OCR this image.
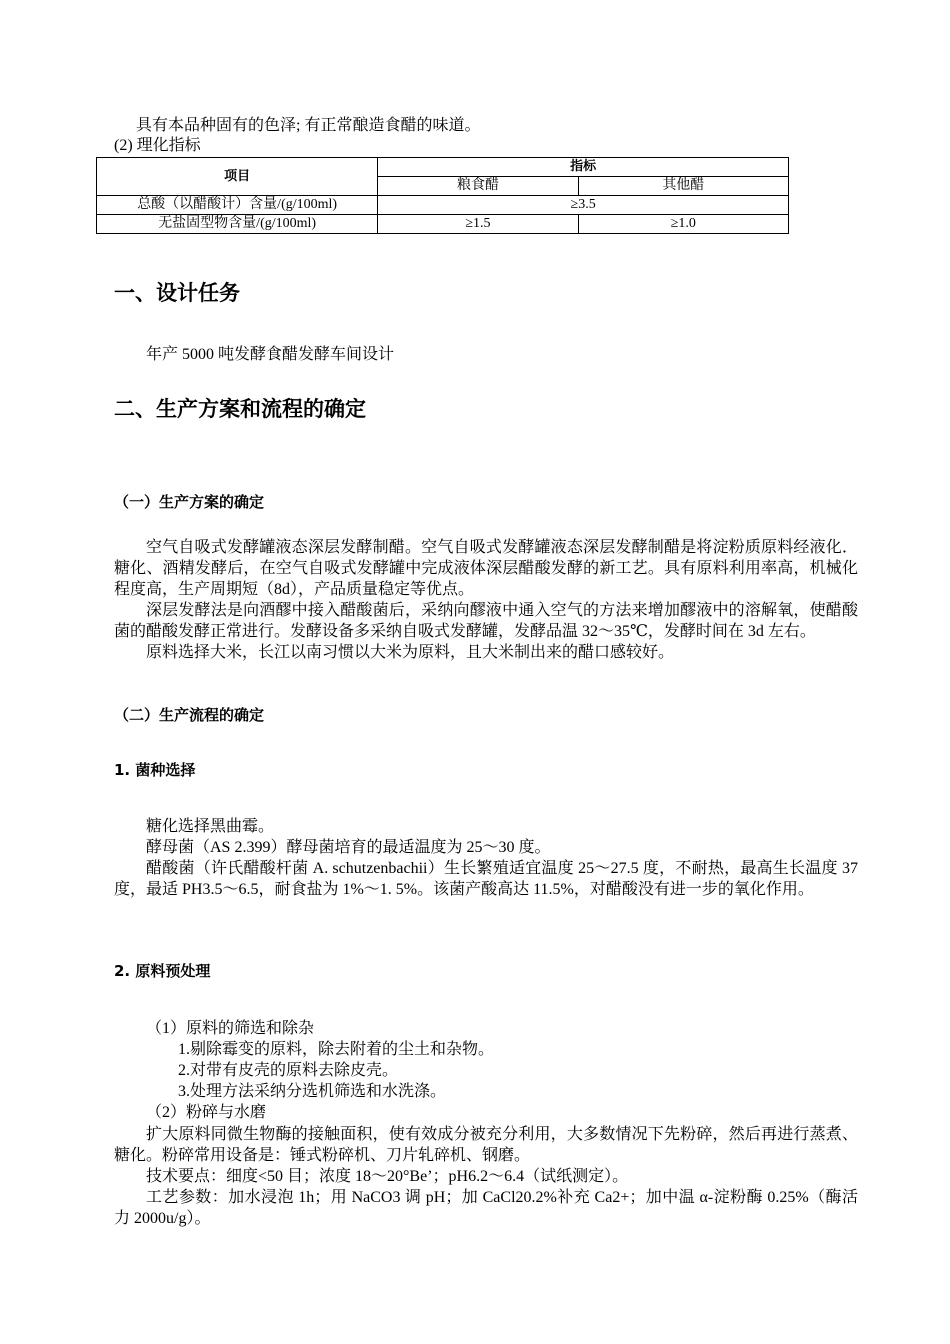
具有本品种固有的色泽; 有正常酿造食醋的味道。
(2) 理化指标
项目	指标	
	粮食醋	其他醋
总酸（以醋酸计）含量/(g/100ml)	≥3.5	
无盐固型物含量/(g/100ml)	≥1.5	≥1.0
一、设计任务
年产 5000 吨发酵食醋发酵车间设计
二、生产方案和流程的确定
（一）生产方案的确定

空气自吸式发酵罐液态深层发酵制醋。空气自吸式发酵罐液态深层发酵制醋是将淀粉质原料经液化．糖化、酒精发酵后，在空气自吸式发酵罐中完成液体深层醋酸发酵的新工艺。具有原料利用率高，机械化程度高，生产周期短（8d），产品质量稳定等优点。

深层发酵法是向酒醪中接入醋酸菌后，采纳向醪液中通入空气的方法来增加醪液中的溶解氧，使醋酸菌的醋酸发酵正常进行。发酵设备多采纳自吸式发酵罐，发酵品温 32～35℃，发酵时间在 3d 左右。

原料选择大米，长江以南习惯以大米为原料，且大米制出来的醋口感较好。

（二）生产流程的确定
1. 菌种选择

糖化选择黑曲霉。

酵母菌（AS 2.399）酵母菌培育的最适温度为 25～30 度。

醋酸菌（许氏醋酸杆菌 A. schutzenbachii）生长繁殖适宜温度 25～27.5 度，不耐热，最高生长温度 37 度，最适 PH3.5～6.5，耐食盐为 1%～1. 5%。该菌产酸高达 11.5%，对醋酸没有进一步的氧化作用。

2. 原料预处理
（1）原料的筛选和除杂
1.剔除霉变的原料，除去附着的尘土和杂物。
2.对带有皮壳的原料去除皮壳。
3.处理方法采纳分选机筛选和水洗涤。
（2）粉碎与水磨

扩大原料同微生物酶的接触面积，使有效成分被充分利用，大多数情况下先粉碎，然后再进行蒸煮、糖化。粉碎常用设备是：锤式粉碎机、刀片轧碎机、钢磨。

技术要点：细度<50 目；浓度 18～20°Be’；pH6.2～6.4（试纸测定）。

工艺参数：加水浸泡 1h；用 NaCO3 调 pH；加 CaCl20.2%补充 Ca2+；加中温 α-淀粉酶 0.25%（酶活力 2000u/g）。
